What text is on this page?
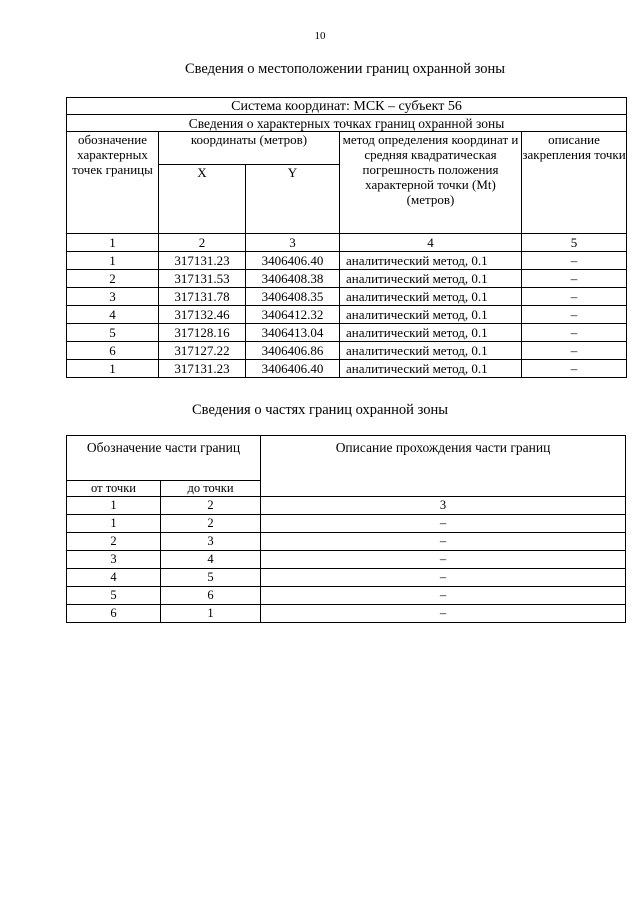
10
Сведения о местоположении границ охранной зоны
Система координат: МСК – субъект 56				
Сведения о характерных точках границ охранной зоны				
обозначение характерных точек границы	координаты (метров)		метод определения координат и средняя квадратическая погрешность положения характерной точки (Mt) (метров)	описание закрепления точки
	X	Y		
1	2	3	4	5
1	317131.23	3406406.40	аналитический метод, 0.1	–
2	317131.53	3406408.38	аналитический метод, 0.1	–
3	317131.78	3406408.35	аналитический метод, 0.1	–
4	317132.46	3406412.32	аналитический метод, 0.1	–
5	317128.16	3406413.04	аналитический метод, 0.1	–
6	317127.22	3406406.86	аналитический метод, 0.1	–
1	317131.23	3406406.40	аналитический метод, 0.1	–
Сведения о частях границ охранной зоны
Обозначение части границ		Описание прохождения части границ
от точки	до точки	
1	2	3
1	2	–
2	3	–
3	4	–
4	5	–
5	6	–
6	1	–
